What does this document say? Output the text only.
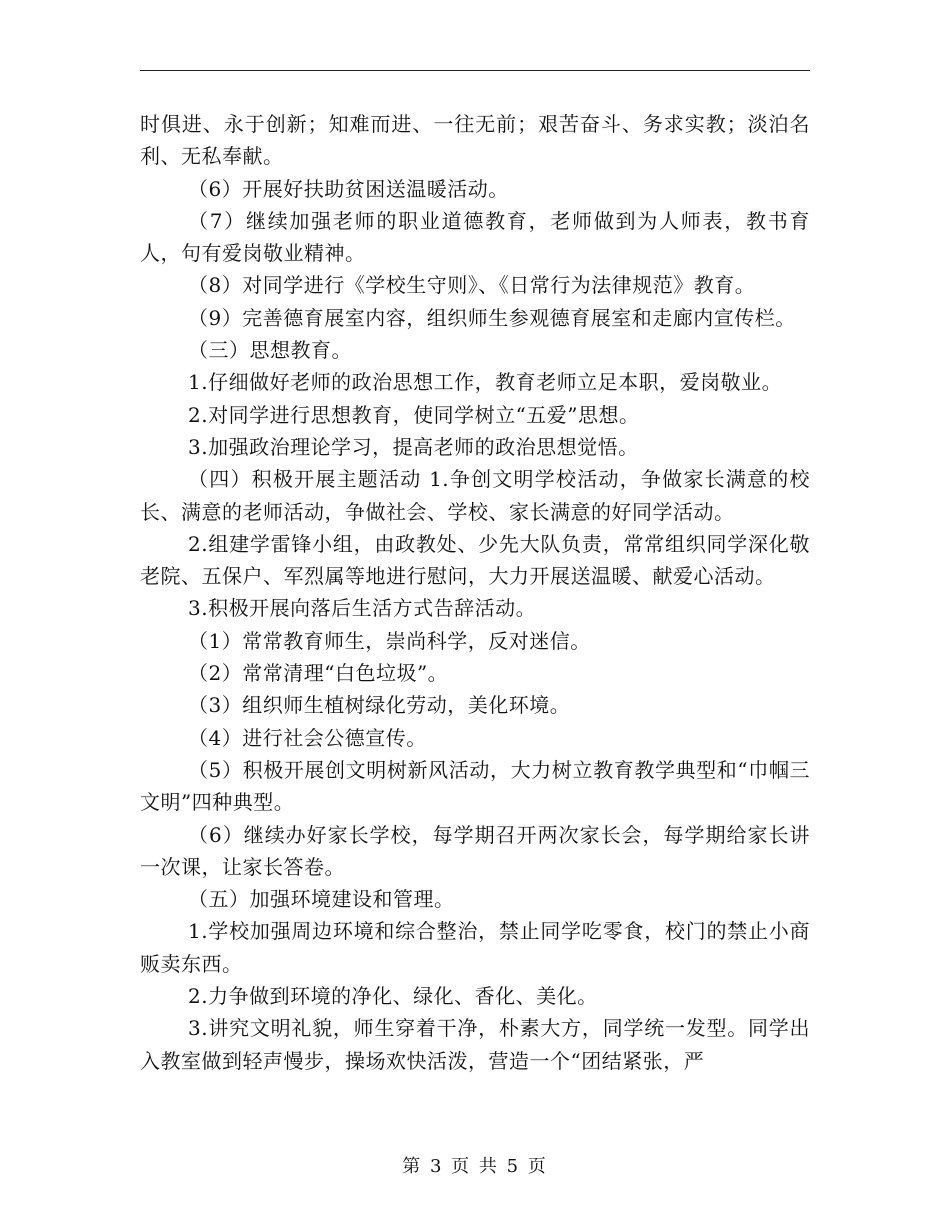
时俱进、永于创新；知难而进、一往无前；艰苦奋斗、务求实教；淡泊名利、无私奉献。

（6）开展好扶助贫困送温暖活动。

（7）继续加强老师的职业道德教育，老师做到为人师表，教书育人，句有爱岗敬业精神。

（8）对同学进行《学校生守则》、《日常行为法律规范》教育。

（9）完善德育展室内容，组织师生参观德育展室和走廊内宣传栏。

（三）思想教育。

1.仔细做好老师的政治思想工作，教育老师立足本职，爱岗敬业。

2.对同学进行思想教育，使同学树立“五爱”思想。

3.加强政治理论学习，提高老师的政治思想觉悟。

（四）积极开展主题活动 1.争创文明学校活动，争做家长满意的校长、满意的老师活动，争做社会、学校、家长满意的好同学活动。

2.组建学雷锋小组，由政教处、少先大队负责，常常组织同学深化敬老院、五保户、军烈属等地进行慰问，大力开展送温暖、献爱心活动。

3.积极开展向落后生活方式告辞活动。

（1）常常教育师生，崇尚科学，反对迷信。

（2）常常清理“白色垃圾”。

（3）组织师生植树绿化劳动，美化环境。

（4）进行社会公德宣传。

（5）积极开展创文明树新风活动，大力树立教育教学典型和“巾帼三文明”四种典型。

（6）继续办好家长学校，每学期召开两次家长会，每学期给家长讲一次课，让家长答卷。

（五）加强环境建设和管理。

1.学校加强周边环境和综合整治，禁止同学吃零食，校门的禁止小商贩卖东西。

2.力争做到环境的净化、绿化、香化、美化。

3.讲究文明礼貌，师生穿着干净，朴素大方，同学统一发型。同学出入教室做到轻声慢步，操场欢快活泼，营造一个“团结紧张，严

第 3 页 共 5 页
